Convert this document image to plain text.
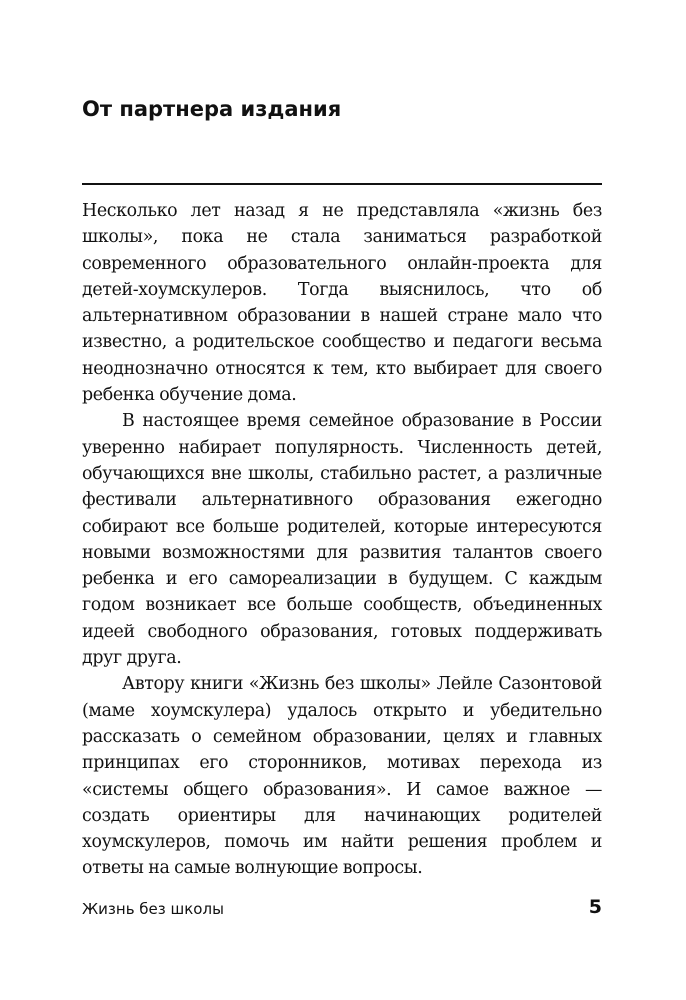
От партнера издания

Несколько лет назад я не представляла «жизнь без школы», пока не стала заниматься разработкой современного образовательного онлайн-проекта для детей-хоумскулеров. Тогда выяснилось, что об альтернативном образовании в нашей стране мало что известно, а родительское сообщество и педагоги весьма неоднозначно относятся к тем, кто выбирает для своего ребенка обучение дома.

В настоящее время семейное образование в России уверенно набирает популярность. Численность детей, обучающихся вне школы, стабильно растет, а различные фестивали альтернативного образования ежегодно собирают все больше родителей, которые интересуются новыми возможностями для развития талантов своего ребенка и его самореализации в будущем. С каждым годом возникает все больше сообществ, объединенных идеей свободного образования, готовых поддерживать друг друга.

Автору книги «Жизнь без школы» Лейле Сазонтовой (маме хоумскулера) удалось открыто и убедительно рассказать о семейном образовании, целях и главных принципах его сторонников, мотивах перехода из «системы общего образования». И самое важное — создать ориентиры для начинающих родителей хоумскулеров, помочь им найти решения проблем и ответы на самые волнующие вопросы.

Жизнь без школы	5
